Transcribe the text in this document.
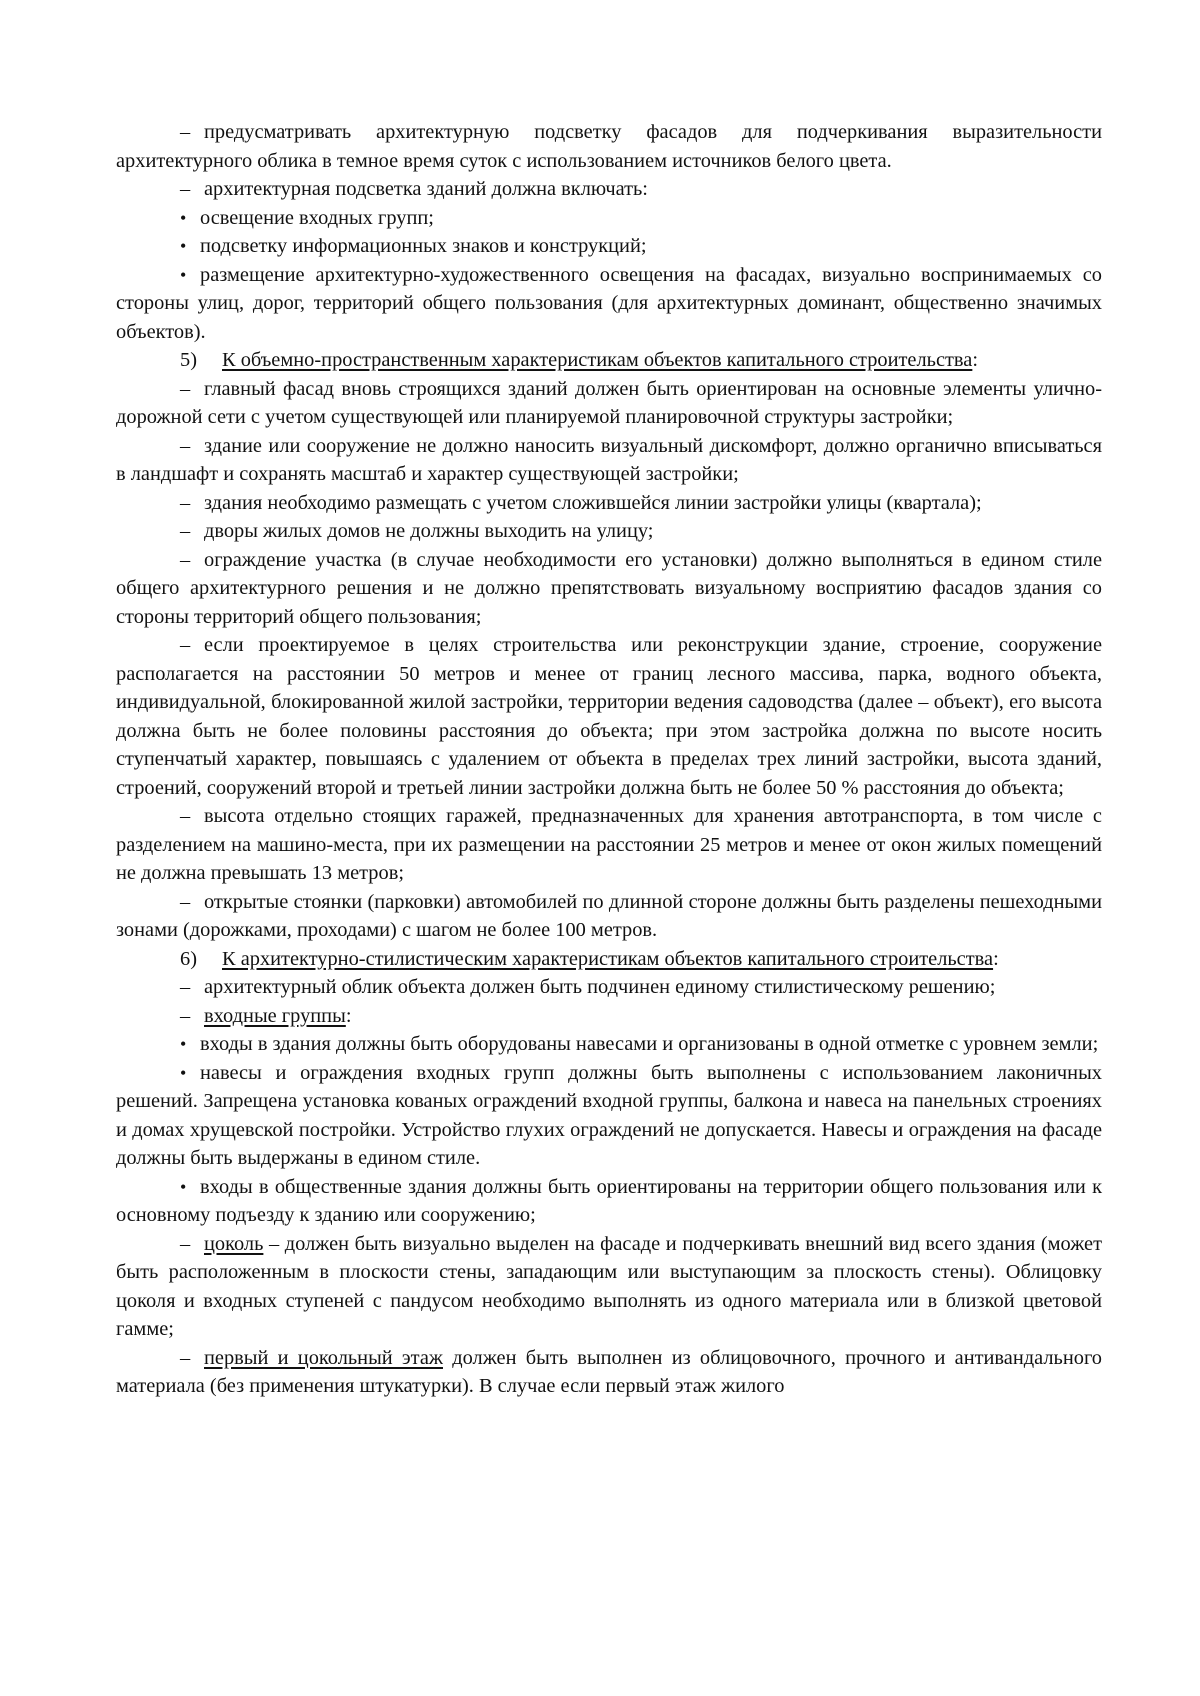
– предусматривать архитектурную подсветку фасадов для подчеркивания выразительности архитектурного облика в темное время суток с использованием источников белого цвета.

– архитектурная подсветка зданий должна включать:

• освещение входных групп;

• подсветку информационных знаков и конструкций;

• размещение архитектурно-художественного освещения на фасадах, визуально воспринимаемых со стороны улиц, дорог, территорий общего пользования (для архитектурных доминант, общественно значимых объектов).

5) К объемно-пространственным характеристикам объектов капитального строительства:

– главный фасад вновь строящихся зданий должен быть ориентирован на основные элементы улично-дорожной сети с учетом существующей или планируемой планировочной структуры застройки;

– здание или сооружение не должно наносить визуальный дискомфорт, должно органично вписываться в ландшафт и сохранять масштаб и характер существующей застройки;

– здания необходимо размещать с учетом сложившейся линии застройки улицы (квартала);

– дворы жилых домов не должны выходить на улицу;

– ограждение участка (в случае необходимости его установки) должно выполняться в едином стиле общего архитектурного решения и не должно препятствовать визуальному восприятию фасадов здания со стороны территорий общего пользования;

– если проектируемое в целях строительства или реконструкции здание, строение, сооружение располагается на расстоянии 50 метров и менее от границ лесного массива, парка, водного объекта, индивидуальной, блокированной жилой застройки, территории ведения садоводства (далее – объект), его высота должна быть не более половины расстояния до объекта; при этом застройка должна по высоте носить ступенчатый характер, повышаясь с удалением от объекта в пределах трех линий застройки, высота зданий, строений, сооружений второй и третьей линии застройки должна быть не более 50 % расстояния до объекта;

– высота отдельно стоящих гаражей, предназначенных для хранения автотранспорта, в том числе с разделением на машино-места, при их размещении на расстоянии 25 метров и менее от окон жилых помещений не должна превышать 13 метров;

– открытые стоянки (парковки) автомобилей по длинной стороне должны быть разделены пешеходными зонами (дорожками, проходами) с шагом не более 100 метров.

6) К архитектурно-стилистическим характеристикам объектов капитального строительства:

– архитектурный облик объекта должен быть подчинен единому стилистическому решению;

– входные группы:

• входы в здания должны быть оборудованы навесами и организованы в одной отметке с уровнем земли;

• навесы и ограждения входных групп должны быть выполнены с использованием лаконичных решений. Запрещена установка кованых ограждений входной группы, балкона и навеса на панельных строениях и домах хрущевской постройки. Устройство глухих ограждений не допускается. Навесы и ограждения на фасаде должны быть выдержаны в едином стиле.

• входы в общественные здания должны быть ориентированы на территории общего пользования или к основному подъезду к зданию или сооружению;

– цоколь – должен быть визуально выделен на фасаде и подчеркивать внешний вид всего здания (может быть расположенным в плоскости стены, западающим или выступающим за плоскость стены). Облицовку цоколя и входных ступеней с пандусом необходимо выполнять из одного материала или в близкой цветовой гамме;

– первый и цокольный этаж должен быть выполнен из облицовочного, прочного и антивандального материала (без применения штукатурки). В случае если первый этаж жилого
